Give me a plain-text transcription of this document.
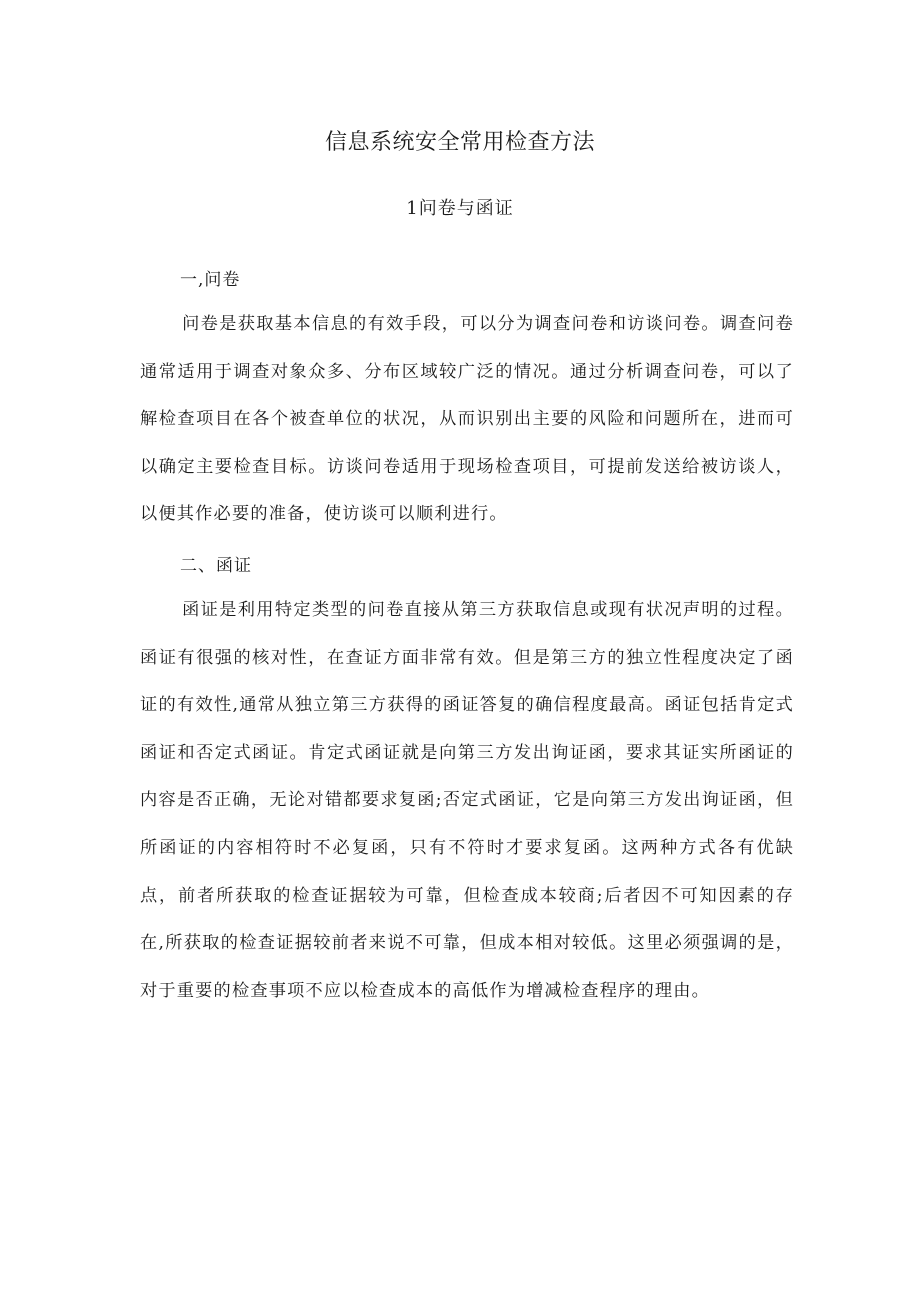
信息系统安全常用检查方法
1问卷与函证
一,问卷

问卷是获取基本信息的有效手段，可以分为调查问卷和访谈问卷。调查问卷通常适用于调查对象众多、分布区域较广泛的情况。通过分析调查问卷，可以了解检查项目在各个被查单位的状况，从而识别出主要的风险和问题所在，进而可以确定主要检查目标。访谈问卷适用于现场检查项目，可提前发送给被访谈人，以便其作必要的准备，使访谈可以顺利进行。

二、函证

函证是利用特定类型的问卷直接从第三方获取信息或现有状况声明的过程。函证有很强的核对性，在查证方面非常有效。但是第三方的独立性程度决定了函证的有效性,通常从独立第三方获得的函证答复的确信程度最高。函证包括肯定式函证和否定式函证。肯定式函证就是向第三方发出询证函，要求其证实所函证的内容是否正确，无论对错都要求复函;否定式函证，它是向第三方发出询证函，但所函证的内容相符时不必复函，只有不符时才要求复函。这两种方式各有优缺点，前者所获取的检查证据较为可靠，但检查成本较商;后者因不可知因素的存在,所获取的检查证据较前者来说不可靠，但成本相对较低。这里必须强调的是，对于重要的检查事项不应以检查成本的高低作为增减检查程序的理由。
